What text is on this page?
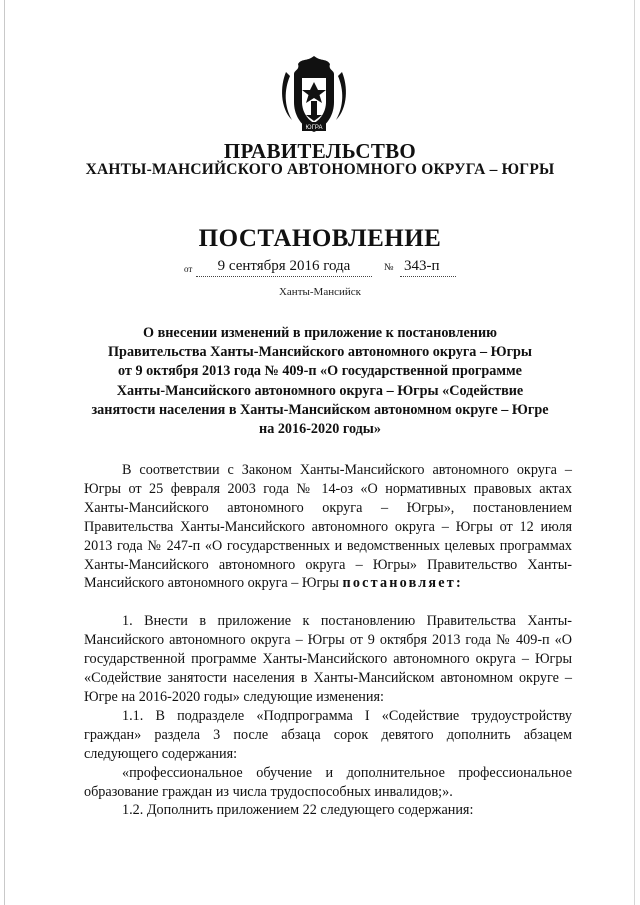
ЮГРА
ПРАВИТЕЛЬСТВО
ХАНТЫ-МАНСИЙСКОГО АВТОНОМНОГО ОКРУГА – ЮГРЫ
ПОСТАНОВЛЕНИЕ
от	9 сентября 2016 года	№ 343-п
Ханты-Мансийск
О внесении изменений в приложение к постановлению
Правительства Ханты-Мансийского автономного округа – Югры
от 9 октября 2013 года № 409-п «О государственной программе
Ханты-Мансийского автономного округа – Югры «Содействие
занятости населения в Ханты-Мансийском автономном округе – Югре
на 2016-2020 годы»

В соответствии с Законом Ханты-Мансийского автономного округа – Югры от 25 февраля 2003 года № 14-оз «О нормативных правовых актах Ханты-Мансийского автономного округа – Югры», постановлением Правительства Ханты-Мансийского автономного округа – Югры от 12 июля 2013 года № 247-п «О государственных и ведомственных целевых программах Ханты-Мансийского автономного округа – Югры» Правительство Ханты-Мансийского автономного округа – Югры постановляет:

1. Внести в приложение к постановлению Правительства Ханты-Мансийского автономного округа – Югры от 9 октября 2013 года № 409-п «О государственной программе Ханты-Мансийского автономного округа – Югры «Содействие занятости населения в Ханты-Мансийском автономном округе – Югре на 2016-2020 годы» следующие изменения:

1.1. В подразделе «Подпрограмма I «Содействие трудоустройству граждан» раздела 3 после абзаца сорок девятого дополнить абзацем следующего содержания:

«профессиональное обучение и дополнительное профессиональное образование граждан из числа трудоспособных инвалидов;».

1.2. Дополнить приложением 22 следующего содержания:
